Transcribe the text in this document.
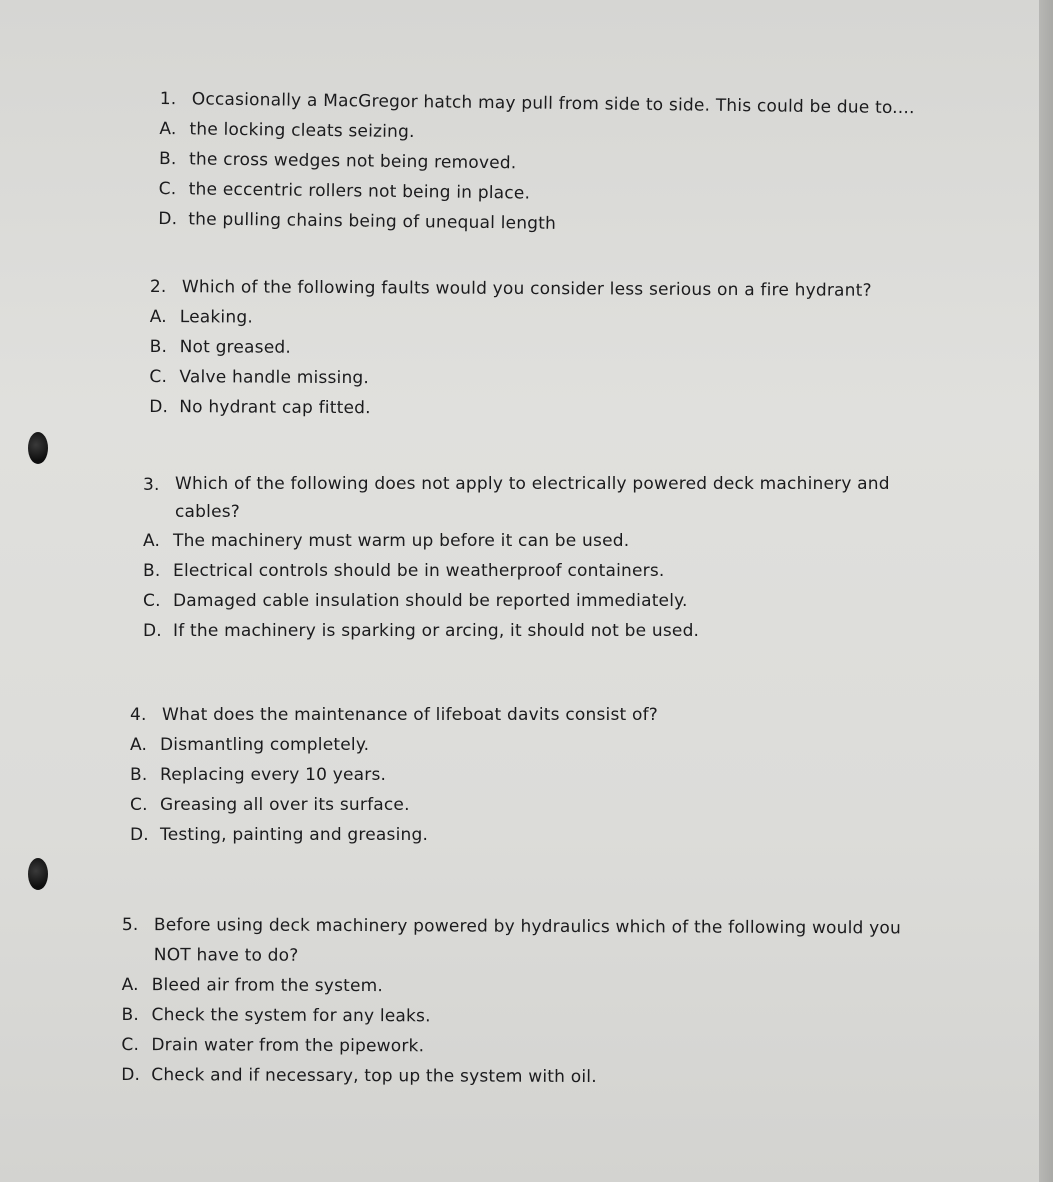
1. Occasionally a MacGregor hatch may pull from side to side. This could be due to....
A. the locking cleats seizing.
B. the cross wedges not being removed.
C. the eccentric rollers not being in place.
D. the pulling chains being of unequal length
2. Which of the following faults would you consider less serious on a fire hydrant?
A. Leaking.
B. Not greased.
C. Valve handle missing.
D. No hydrant cap fitted.
3. Which of the following does not apply to electrically powered deck machinery and cables?
A. The machinery must warm up before it can be used.
B. Electrical controls should be in weatherproof containers.
C. Damaged cable insulation should be reported immediately.
D. If the machinery is sparking or arcing, it should not be used.
4. What does the maintenance of lifeboat davits consist of?
A. Dismantling completely.
B. Replacing every 10 years.
C. Greasing all over its surface.
D. Testing, painting and greasing.
5. Before using deck machinery powered by hydraulics which of the following would you NOT have to do?
A. Bleed air from the system.
B. Check the system for any leaks.
C. Drain water from the pipework.
D. Check and if necessary, top up the system with oil.
